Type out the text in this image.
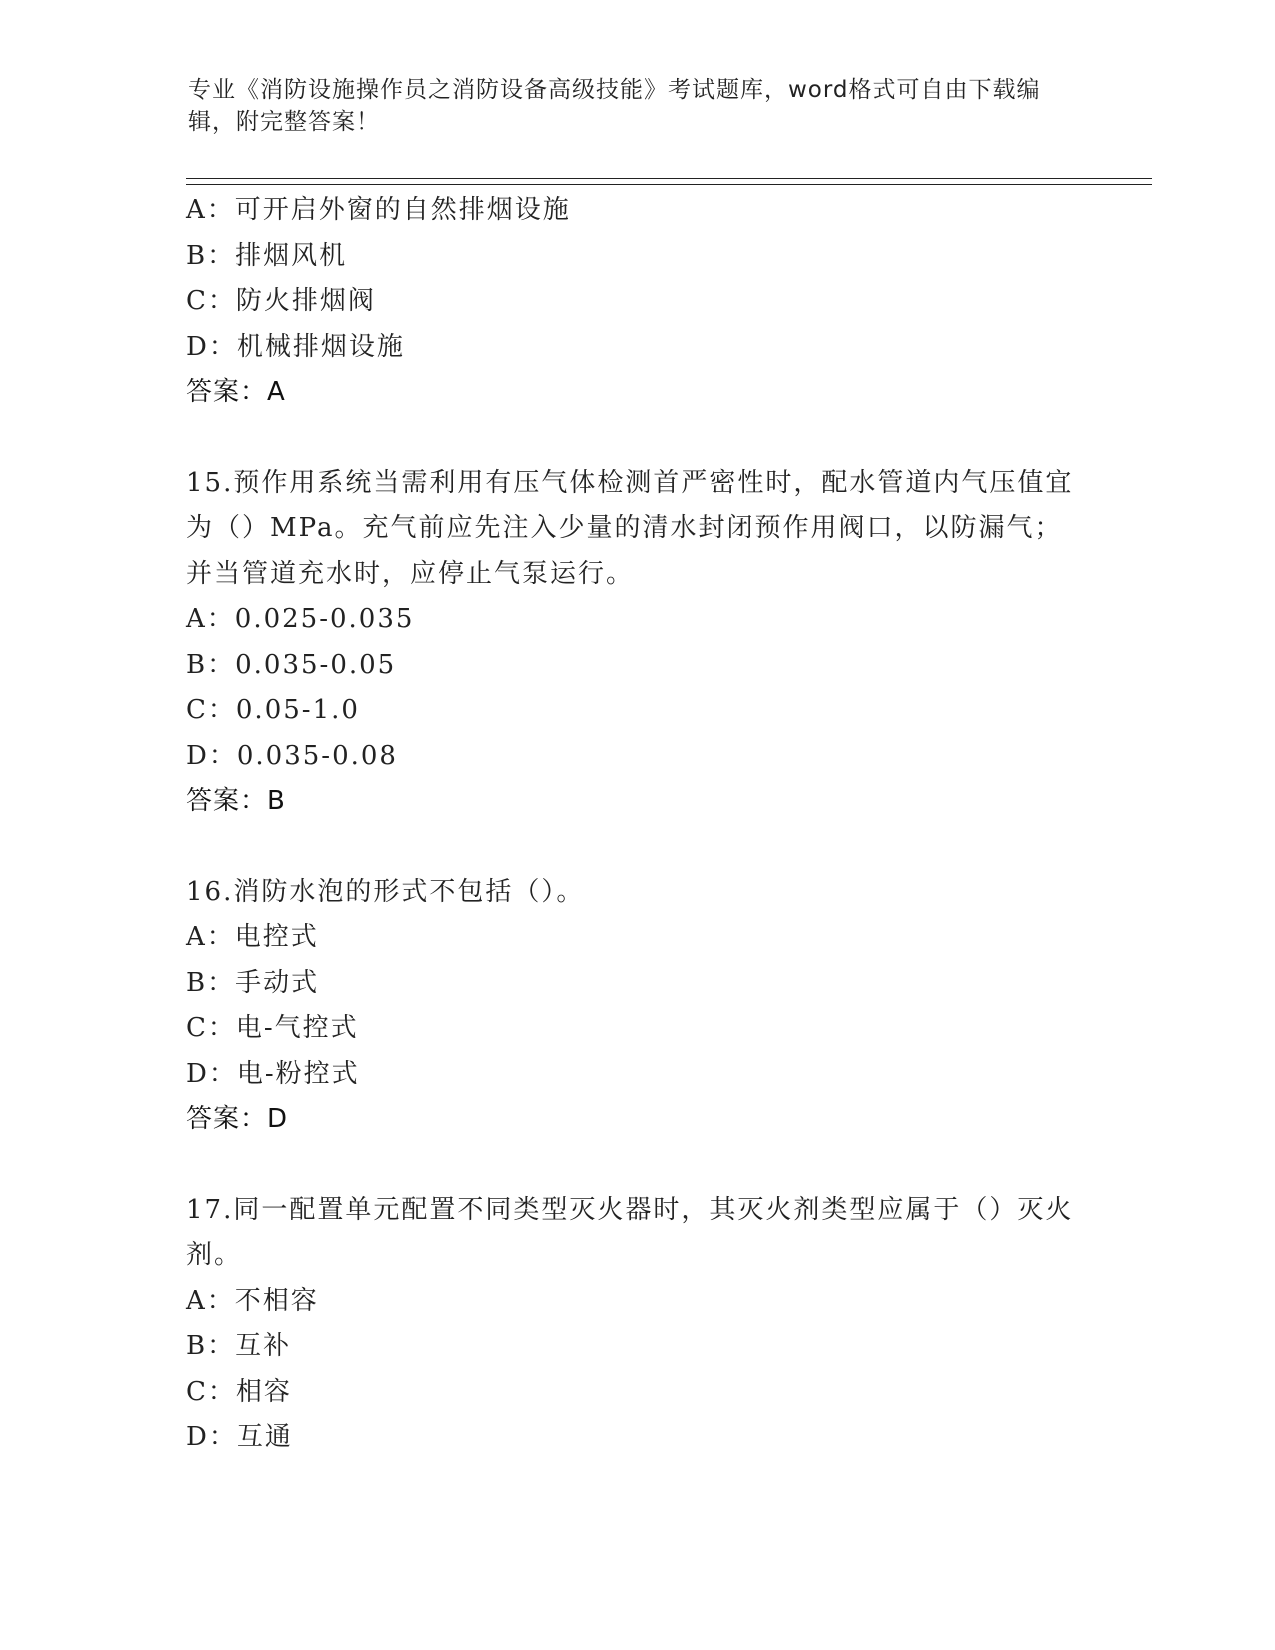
专业《消防设施操作员之消防设备高级技能》考试题库，word格式可自由下载编辑，附完整答案！
A：可开启外窗的自然排烟设施
B：排烟风机
C：防火排烟阀
D：机械排烟设施
答案：A
15.预作用系统当需利用有压气体检测首严密性时，配水管道内气压值宜为（）MPa。充气前应先注入少量的清水封闭预作用阀口，以防漏气；并当管道充水时，应停止气泵运行。
A：0.025-0.035
B：0.035-0.05
C：0.05-1.0
D：0.035-0.08
答案：B
16.消防水泡的形式不包括（）。
A：电控式
B：手动式
C：电-气控式
D：电-粉控式
答案：D
17.同一配置单元配置不同类型灭火器时，其灭火剂类型应属于（）灭火剂。
A：不相容
B：互补
C：相容
D：互通
